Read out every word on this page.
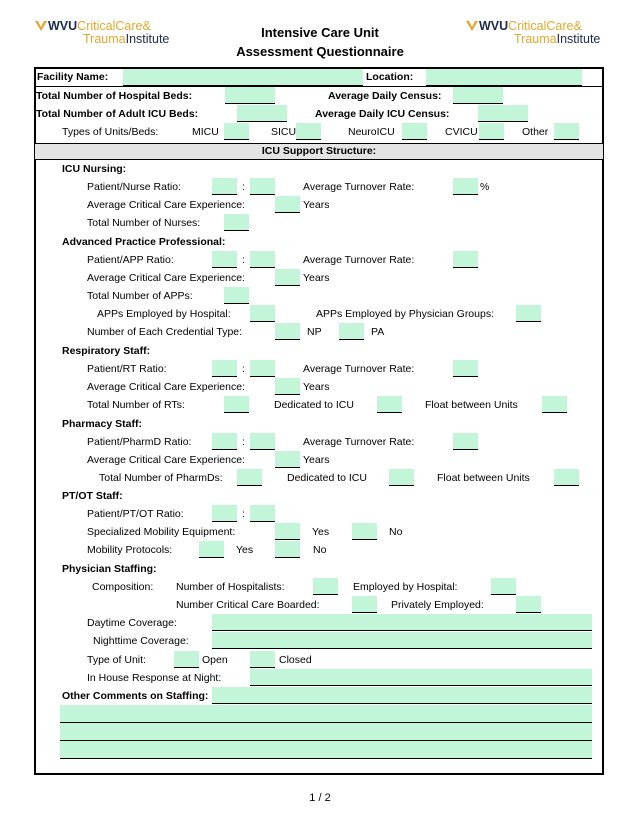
WVUCriticalCare&
TraumaInstitute
WVUCriticalCare&
TraumaInstitute
Intensive Care Unit
Assessment Questionnaire
Facility Name:	Location:
Total Number of Hospital Beds:	Average Daily Census:
Total Number of Adult ICU Beds:	Average Daily ICU Census:
Types of Units/Beds:	MICU	SICU	NeuroICU	CVICU	Other
ICU Support Structure:
ICU Nursing:
Patient/Nurse Ratio:	:	Average Turnover Rate:	%
Average Critical Care Experience:	Years
Total Number of Nurses:
Advanced Practice Professional:
Patient/APP Ratio:	:	Average Turnover Rate:
Average Critical Care Experience:	Years
Total Number of APPs:
APPs Employed by Hospital:	APPs Employed by Physician Groups:
Number of Each Credential Type:	NP	PA
Respiratory Staff:
Patient/RT Ratio:	:	Average Turnover Rate:
Average Critical Care Experience:	Years
Total Number of RTs:	Dedicated to ICU	Float between Units
Pharmacy Staff:
Patient/PharmD Ratio:	:	Average Turnover Rate:
Average Critical Care Experience:	Years
Total Number of PharmDs:	Dedicated to ICU	Float between Units
PT/OT Staff:
Patient/PT/OT Ratio:	:
Specialized Mobility Equipment:	Yes	No
Mobility Protocols:	Yes	No
Physician Staffing:
Composition: Number of Hospitalists:	Employed by Hospital:
Number Critical Care Boarded:	Privately Employed:
Daytime Coverage:
Nighttime Coverage:
Type of Unit:	Open	Closed
In House Response at Night:
Other Comments on Staffing:
1 / 2
